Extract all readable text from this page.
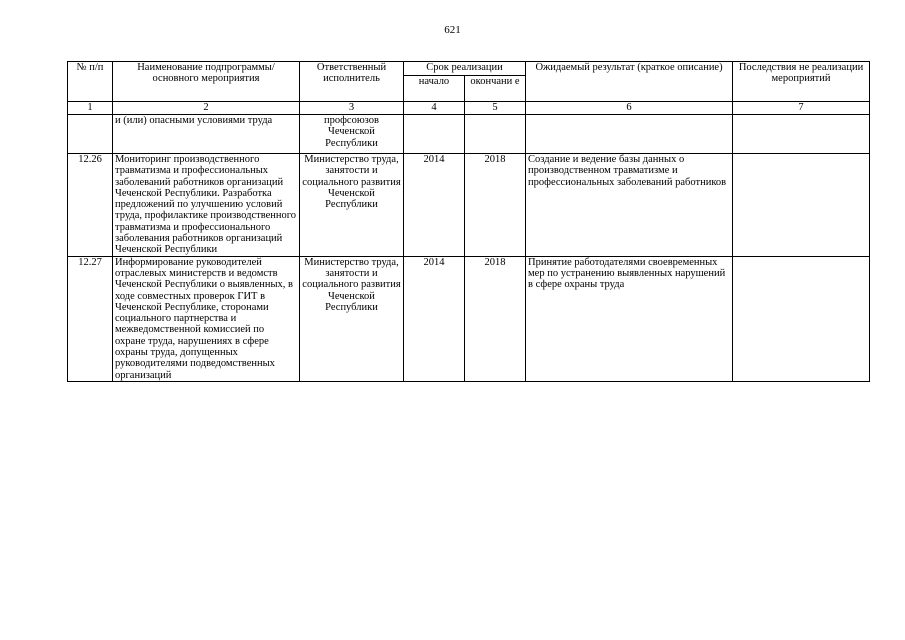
621
№ п/п	Наименование подпрограммы/ основного мероприятия	Ответственный исполнитель	Срок реализации		Ожидаемый результат (краткое описание)	Последствия не реализации мероприятий
			начало	окончани е		
1	2	3	4	5	6	7
	и (или) опасными условиями труда	профсоюзов Чеченской Республики				
12.26	Мониторинг производственного травматизма и профессиональных заболеваний работников организаций Чеченской Республики. Разработка предложений по улучшению условий труда, профилактике производственного травматизма и профессионального заболевания работников организаций Чеченской Республики	Министерство труда, занятости и социального развития Чеченской Республики	2014	2018	Создание и ведение базы данных о производственном травматизме и профессиональных заболеваний работников	
12.27	Информирование руководителей отраслевых министерств и ведомств Чеченской Республики о выявленных, в ходе совместных проверок ГИТ в Чеченской Республике, сторонами социального партнерства и межведомственной комиссией по охране труда, нарушениях в сфере охраны труда, допущенных руководителями подведомственных организаций	Министерство труда, занятости и социального развития Чеченской Республики	2014	2018	Принятие работодателями своевременных мер по устранению выявленных нарушений в сфере охраны труда	
